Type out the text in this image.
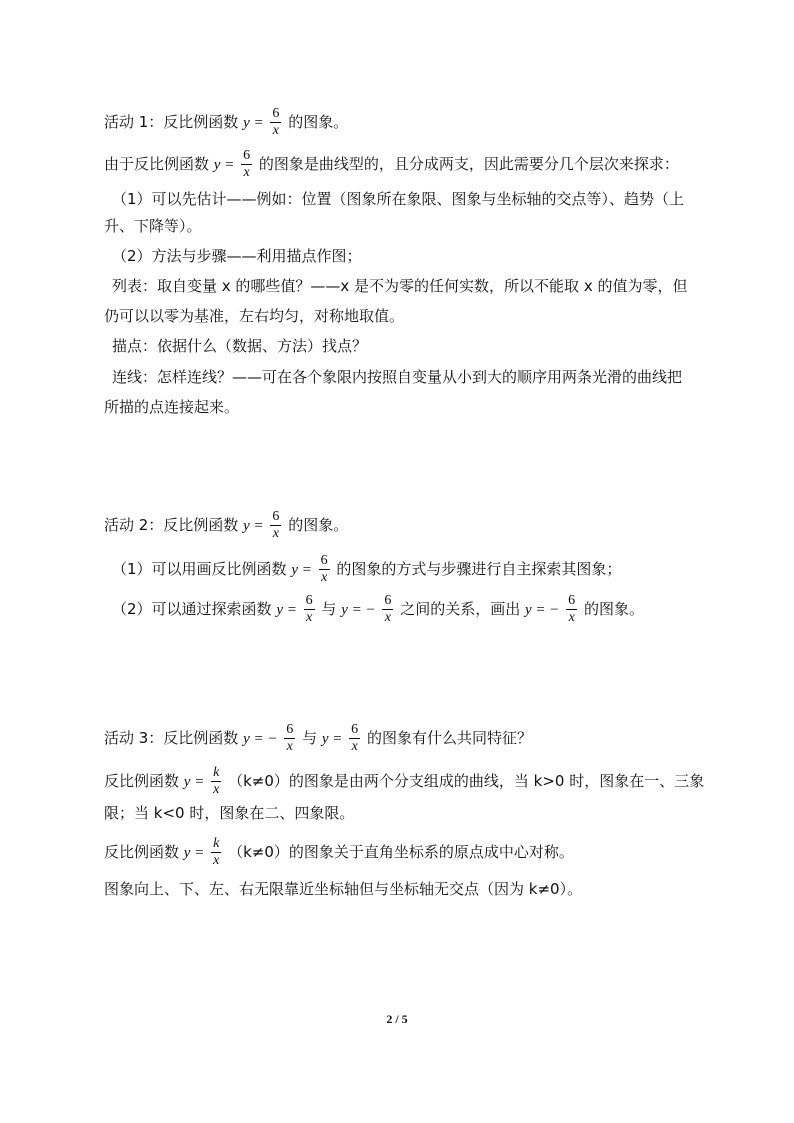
活动 1：反比例函数 $y = \frac{6}{x}$ 的图象。
由于反比例函数 $y = \frac{6}{x}$ 的图象是曲线型的，且分成两支，因此需要分几个层次来探求：
（1）可以先估计——例如：位置（图象所在象限、图象与坐标轴的交点等）、趋势（上
升、下降等）。
（2）方法与步骤——利用描点作图；
列表：取自变量 x 的哪些值？——x 是不为零的任何实数，所以不能取 x 的值为零，但
仍可以以零为基准，左右均匀，对称地取值。
描点：依据什么（数据、方法）找点？
连线：怎样连线？——可在各个象限内按照自变量从小到大的顺序用两条光滑的曲线把
所描的点连接起来。
活动 2：反比例函数 $y = \frac{6}{x}$ 的图象。
（1）可以用画反比例函数 $y = \frac{6}{x}$ 的图象的方式与步骤进行自主探索其图象；
（2）可以通过探索函数 $y = \frac{6}{x}$ 与 y = − $\frac{6}{x}$ 之间的关系，画出 y = − $\frac{6}{x}$ 的图象。
活动 3：反比例函数 y = − $\frac{6}{x}$ 与 $y = \frac{6}{x}$ 的图象有什么共同特征？
反比例函数 $y = \frac{k}{x} (k\ne 0)$的图象是由两个分支组成的曲线，当 k>0 时，图象在一、三象
限；当 k<0 时，图象在二、四象限。
反比例函数 $y = \frac{k}{x} (k\ne 0)$的图象关于直角坐标系的原点成中心对称。
图象向上、下、左、右无限靠近坐标轴但与坐标轴无交点（因为 k≠0）。
2 / 5
